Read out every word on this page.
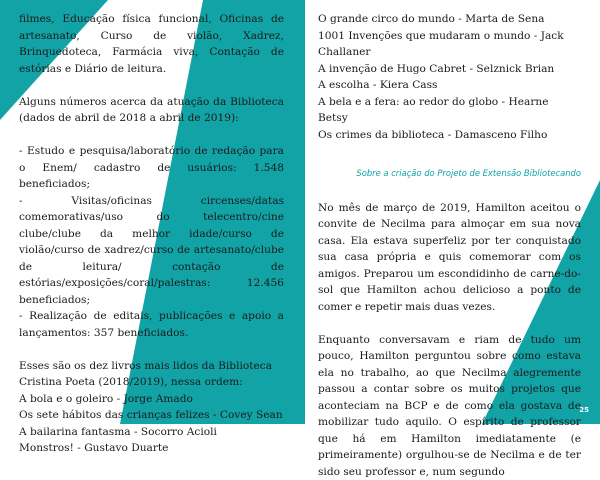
filmes, Educação física funcional, Oficinas de artesanato, Curso de violão, Xadrez, Brinquedoteca, Farmácia viva, Contação de estórias e Diário de leitura.

Alguns números acerca da atuação da Biblioteca (dados de abril de 2018 a abril de 2019):

- Estudo e pesquisa/laboratório de redação para o Enem/ cadastro de usuários: 1.548 beneficiados;

- Visitas/oficinas circenses/datas comemorativas/uso do telecentro/cine clube/clube da melhor idade/curso de violão/curso de xadrez/curso de artesanato/clube de leitura/ contação de estórias/exposições/coral/palestras: 12.456 beneficiados;

- Realização de editais, publicações e apoio a lançamentos: 357 beneficiados.

Esses são os dez livros mais lidos da Biblioteca Cristina Poeta (2018/2019), nessa ordem:

A bola e o goleiro - Jorge Amado

Os sete hábitos das crianças felizes - Covey Sean

A bailarina fantasma - Socorro Acioli

Monstros! - Gustavo Duarte

O grande circo do mundo - Marta de Sena

1001 Invenções que mudaram o mundo - Jack Challaner

A invenção de Hugo Cabret - Selznick Brian

A escolha - Kiera Cass

A bela e a fera: ao redor do globo - Hearne Betsy

Os crimes da biblioteca - Damasceno Filho

Sobre a criação do Projeto de Extensão Bibliotecando

No mês de março de 2019, Hamilton aceitou o convite de Necilma para almoçar em sua nova casa. Ela estava superfeliz por ter conquistado sua casa própria e quis comemorar com os amigos. Preparou um escondidinho de carne-do-sol que Hamilton achou delicioso a ponto de comer e repetir mais duas vezes.

Enquanto conversavam e riam de tudo um pouco, Hamilton perguntou sobre como estava ela no trabalho, ao que Necilma alegremente passou a contar sobre os muitos projetos que aconteciam na BCP e de como ela gostava de mobilizar tudo aquilo. O espírito de professor que há em Hamilton imediatamente (e primeiramente) orgulhou-se de Necilma e de ter sido seu professor e, num segundo

25
